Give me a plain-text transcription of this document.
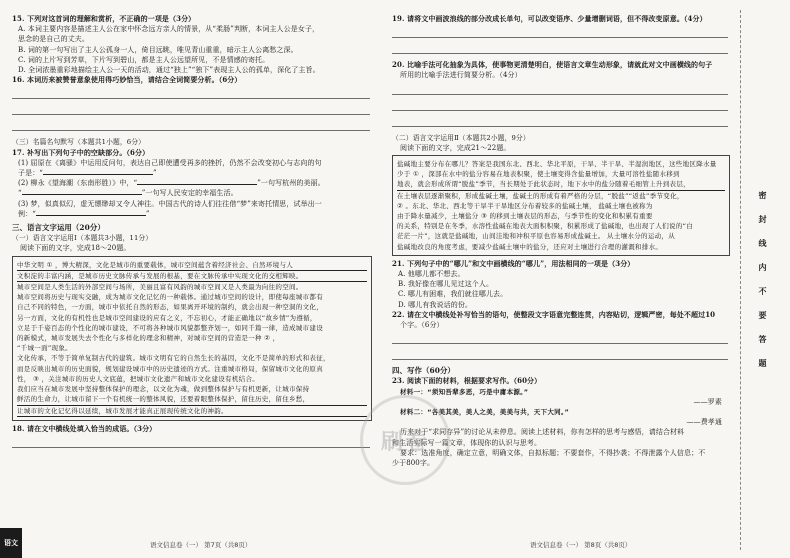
15. 下列对这首词的理解和赏析，不正确的一项是（3分）
A. 本词主要内容是描述主人公在家中怀念远方亲人的情景，从“柔肠”判断，本词主人公是女子，
思念的是自己的丈夫。
B. 词的第一句写出了主人公孤身一人，倚目远眺，唯见青山重重，暗示主人公离愁之深。
C. 词的上片写到芳草，下片写到碧山，都是主人公远望所见，不是情感的寄托。
D. 全词浓墨重彩地描绘主人公一天的活动，通过“独上”“独下”表现主人公的孤单，深化了主旨。
16. 本词历来被赞誉意象使用得巧妙恰当，请结合全词简要分析。（6分）
（三）名篇名句默写（本题共1小题，6分）
17. 补写出下列句子中的空缺部分。（6分）
(1) 屈原在《离骚》中运用反问句，表达自己即使遭受再多的挫折，仍然不会改变初心与志向的句
子是：“	”
(2) 柳永《望海潮（东南形胜）》中，“	”一句写杭州的美丽。
“	”一句写人民安定的幸福生活。
(3) 梦，似真似幻，虚无缥缈却又令人神往。中国古代的诗人们往往借“梦”来寄托情思，试举出一
例：“	”
三、语言文字运用（20分）
（一）语言文字运用Ⅰ（本题共3小题，11分）
阅读下面的文字，完成18～20题。
中华文明 ① ，博大精深，文化是城市的重要载体，城市空间蕴含着经济社会、自然环境与人
文积淀的丰富内涵，是城市历史文脉传承与发展的根基，要在文脉传承中实现文化的交相辉映。
城市空间是人类生活的外部空间与场所，美丽且富有风韵的城市空间又是人类最为向往的空间。
城市空间将历史与现实交融，成为城市文化记忆的一种载体。通过城市空间的设计，即使每座城市都有
自己不同的特色，一方面，城市中依托自然的形态，如果离开环境的制约，就会出现一种空洞的文化，
另一方面，文化的有机性也是城市空间建设的应有之义，不忘初心，才能正确地以“故乡情”为遵循，
立足于千姿百态的个性化的城市建设，不可将各种城市风貌都整齐划一，如同千篇一律，造成城市建设
的新模式，城市发展失去个性化与多样化的理念和精神，对城市空间的营造是一种 ② ，
“千城一面”现象。
文化传承，不等于简单复制古代的建筑。城市文明有它的自然生长的基因，文化不是简单的形式和表征，
而是反映出城市的历史面貌，规划建设城市中的历史遗迹的方式。注重城市格局，保留城市文化的原真
性， ③ ，关注城市的历史人文底蕴，把城市文化遗产和城市文化建设有机结合。
我们应当在城市发展中坚持整体保护的理念，以文化为魂，做到整体保护与有机更新，让城市保持
鲜活的生命力，让城市留下一个有机统一的整体风貌，还要着眼整体保护，留住历史，留住乡愁，
让城市的文化记忆得以延续，城市发展才能真正展现传统文化的神韵。
18. 请在文中横线处填入恰当的成语。（3分）
语文	语文信息卷（一） 第7页（共8页）
19. 请将文中画波浪线的部分改成长单句，可以改变语序、少量增删词语，但不得改变原意。（4分）
20. 比喻手法可化抽象为具体，使事物更清楚明白，使语言文章生动形象，请就此对文中画横线的句子
所用的比喻手法进行简要分析。（4分）
（二）语言文字运用Ⅱ（本题共2小题，9分）
阅读下面的文字，完成21～22题。
盐碱地主要分布在哪儿？答案是我国东北、西北、华北平原，干旱、半干旱、半湿润地区，这些地区降水量
少于 ① ，深部在水中的盐分容易在地表积聚，使土壤变得含盐量增加，大量可溶性盐随水移到
地表，就会形成所谓“脱盐”季节，当长期处于此状态时，地下水中的盐分随着毛细管上升到表层，
在土壤表层逐渐聚积，形成盐碱土壤，盐碱土的形成有着严格的分层，“脱盐”“返盐”季节变化，
② 。东北、华北、西北等干旱半干旱地区分布着较多的盐碱土壤， 盐碱土壤也被称为
由于降水量减少，土壤盐分 ③ 的移到土壤表层的形态，与季节性的变化和积累有重要
的关系，特别是在冬季，水溶性盐碱在地表大面积积聚，积累形成了盐碱地，也出现了人们说的“白
茫茫一片”，这就是盐碱地，山间洼地和冲积平原也容易形成盐碱土。 从土壤水分的运动，从
盐碱地改良的角度考虑，要减少盐碱土壤中的盐分，还应对土壤进行合理的灌溉和排水。
21. 下列句子中的“哪儿”和文中画横线的“哪儿”，用法相同的一项是（3分）
A. 他哪儿都不想去。
B. 我好像在哪儿见过这个人。
C. 哪儿有困难，我们就往哪儿去。
D. 哪儿有我说话的份。
22. 请在文中横线处补写恰当的语句，使整段文字语意完整连贯，内容贴切，逻辑严密，每处不超过10
个字。（6分）
四、写作（60分）
23. 阅读下面的材料，根据要求写作。（60分）
材料一：“须知吾辈多恶，巧是中庸本源。”
——罗素
材料二：“各美其美，美人之美，美美与共，天下大同。”
——费孝通
历来对于“求同存异”的讨论从未停息。阅读上述材料，你有怎样的思考与感悟，请结合材料
和生活实际写一篇文章，体现你的认识与思考。
要求：选准角度，确定立意，明确文体，自拟标题；不要套作，不得抄袭；不得泄露个人信息；不
少于800字。
语文信息卷（一） 第8页（共8页）
刷卷
密
封
线
内
不
要
答
题
